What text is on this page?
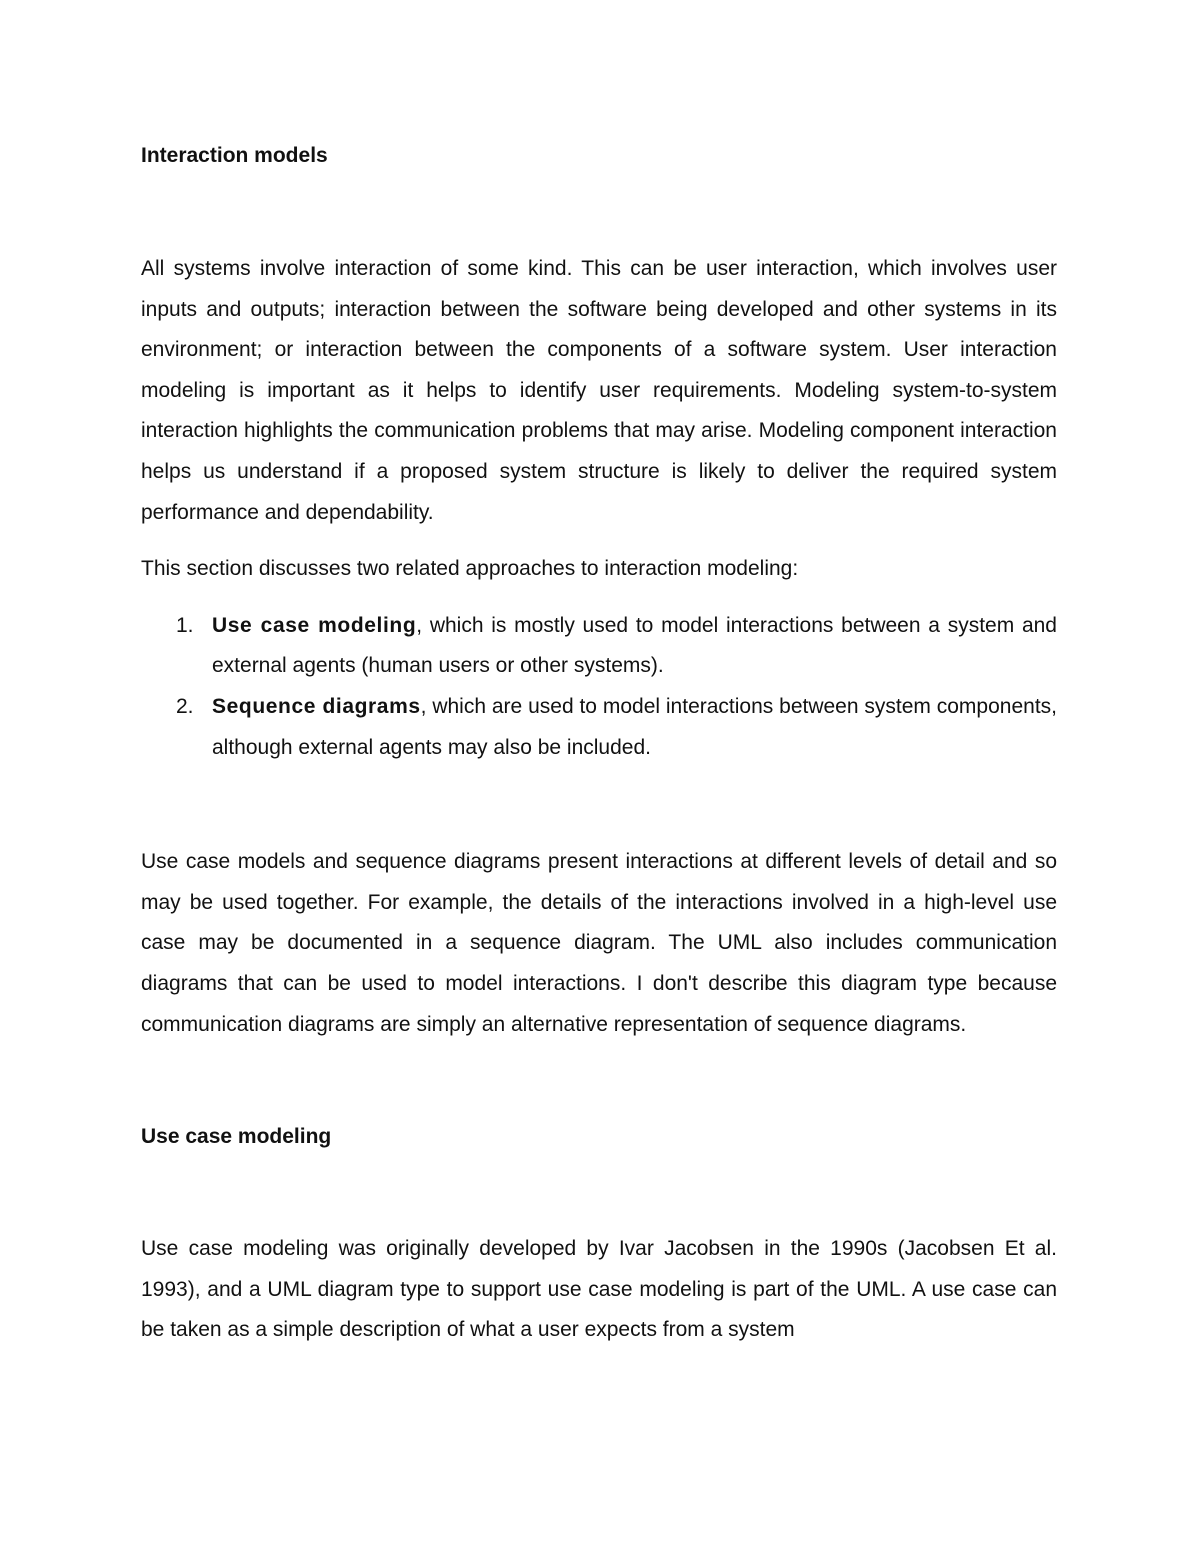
Interaction models

All systems involve interaction of some kind. This can be user interaction, which involves user inputs and outputs; interaction between the software being developed and other systems in its environment; or interaction between the components of a software system. User interaction modeling is important as it helps to identify user requirements. Modeling system-to-system interaction highlights the communication problems that may arise. Modeling component interaction helps us understand if a proposed system structure is likely to deliver the required system performance and dependability.

This section discusses two related approaches to interaction modeling:

1. Use case modeling, which is mostly used to model interactions between a system and external agents (human users or other systems).
2. Sequence diagrams, which are used to model interactions between system components, although external agents may also be included.

Use case models and sequence diagrams present interactions at different levels of detail and so may be used together. For example, the details of the interactions involved in a high-level use case may be documented in a sequence diagram. The UML also includes communication diagrams that can be used to model interactions. I don't describe this diagram type because communication diagrams are simply an alternative representation of sequence diagrams.

Use case modeling

Use case modeling was originally developed by Ivar Jacobsen in the 1990s (Jacobsen Et al. 1993), and a UML diagram type to support use case modeling is part of the UML. A use case can be taken as a simple description of what a user expects from a system
